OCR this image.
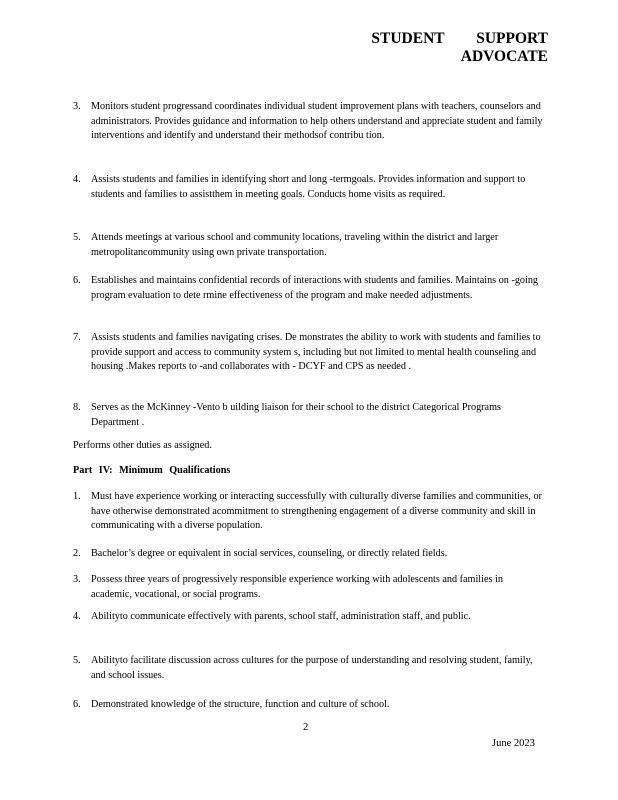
STUDENT SUPPORT
ADVOCATE
3. Monitors student progressand coordinates individual student improvement plans with teachers, counselors and administrators. Provides guidance and information to help others understand and appreciate student and family interventions and identify and understand their methodsof contribu tion.
4. Assists students and families in identifying short and long -termgoals. Provides information and support to students and families to assistthem in meeting goals. Conducts home visits as required.
5. Attends meetings at various school and community locations, traveling within the district and larger metropolitancommunity using own private transportation.
6. Establishes and maintains confidential records of interactions with students and families. Maintains on -going program evaluation to dete rmine effectiveness of the program and make needed adjustments.
7. Assists students and families navigating crises. De monstrates the ability to work with students and families to provide support and access to community system s, including but not limited to mental health counseling and housing .Makes reports to -and collaborates with - DCYF and CPS as needed .
8. Serves as the McKinney -Vento b uilding liaison for their school to the district Categorical Programs Department .
Performs other duties as assigned.
Part IV: Minimum Qualifications
1. Must have experience working or interacting successfully with culturally diverse families and communities, or have otherwise demonstrated acommitment to strengthening engagement of a diverse community and skill in communicating with a diverse population.
2. Bachelor’s degree or equivalent in social services, counseling, or directly related fields.
3. Possess three years of progressively responsible experience working with adolescents and families in academic, vocational, or social programs.
4. Abilityto communicate effectively with parents, school staff, administration staff, and public.
5. Abilityto facilitate discussion across cultures for the purpose of understanding and resolving student, family, and school issues.
6. Demonstrated knowledge of the structure, function and culture of school.
2
June 2023
